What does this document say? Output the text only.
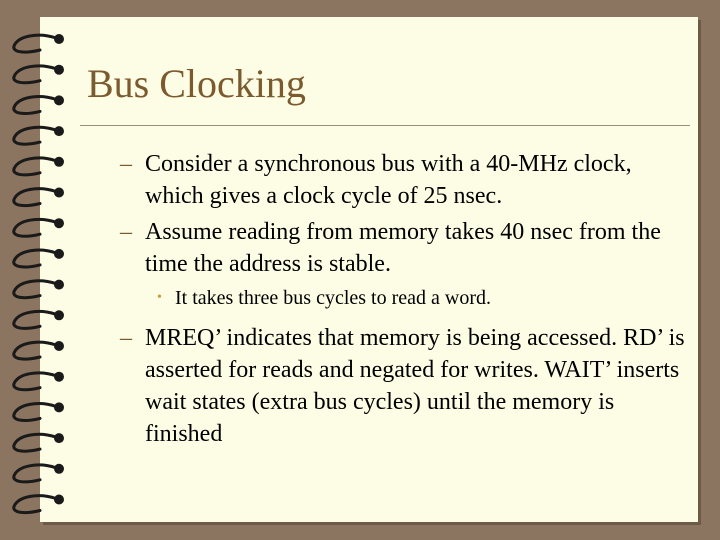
Bus Clocking
– Consider a synchronous bus with a 40-MHz clock, which gives a clock cycle of 25 nsec.
– Assume reading from memory takes 40 nsec from the time the address is stable.
• It takes three bus cycles to read a word.
– MREQ’ indicates that memory is being accessed. RD’ is asserted for reads and negated for writes. WAIT’ inserts wait states (extra bus cycles) until the memory is finished
